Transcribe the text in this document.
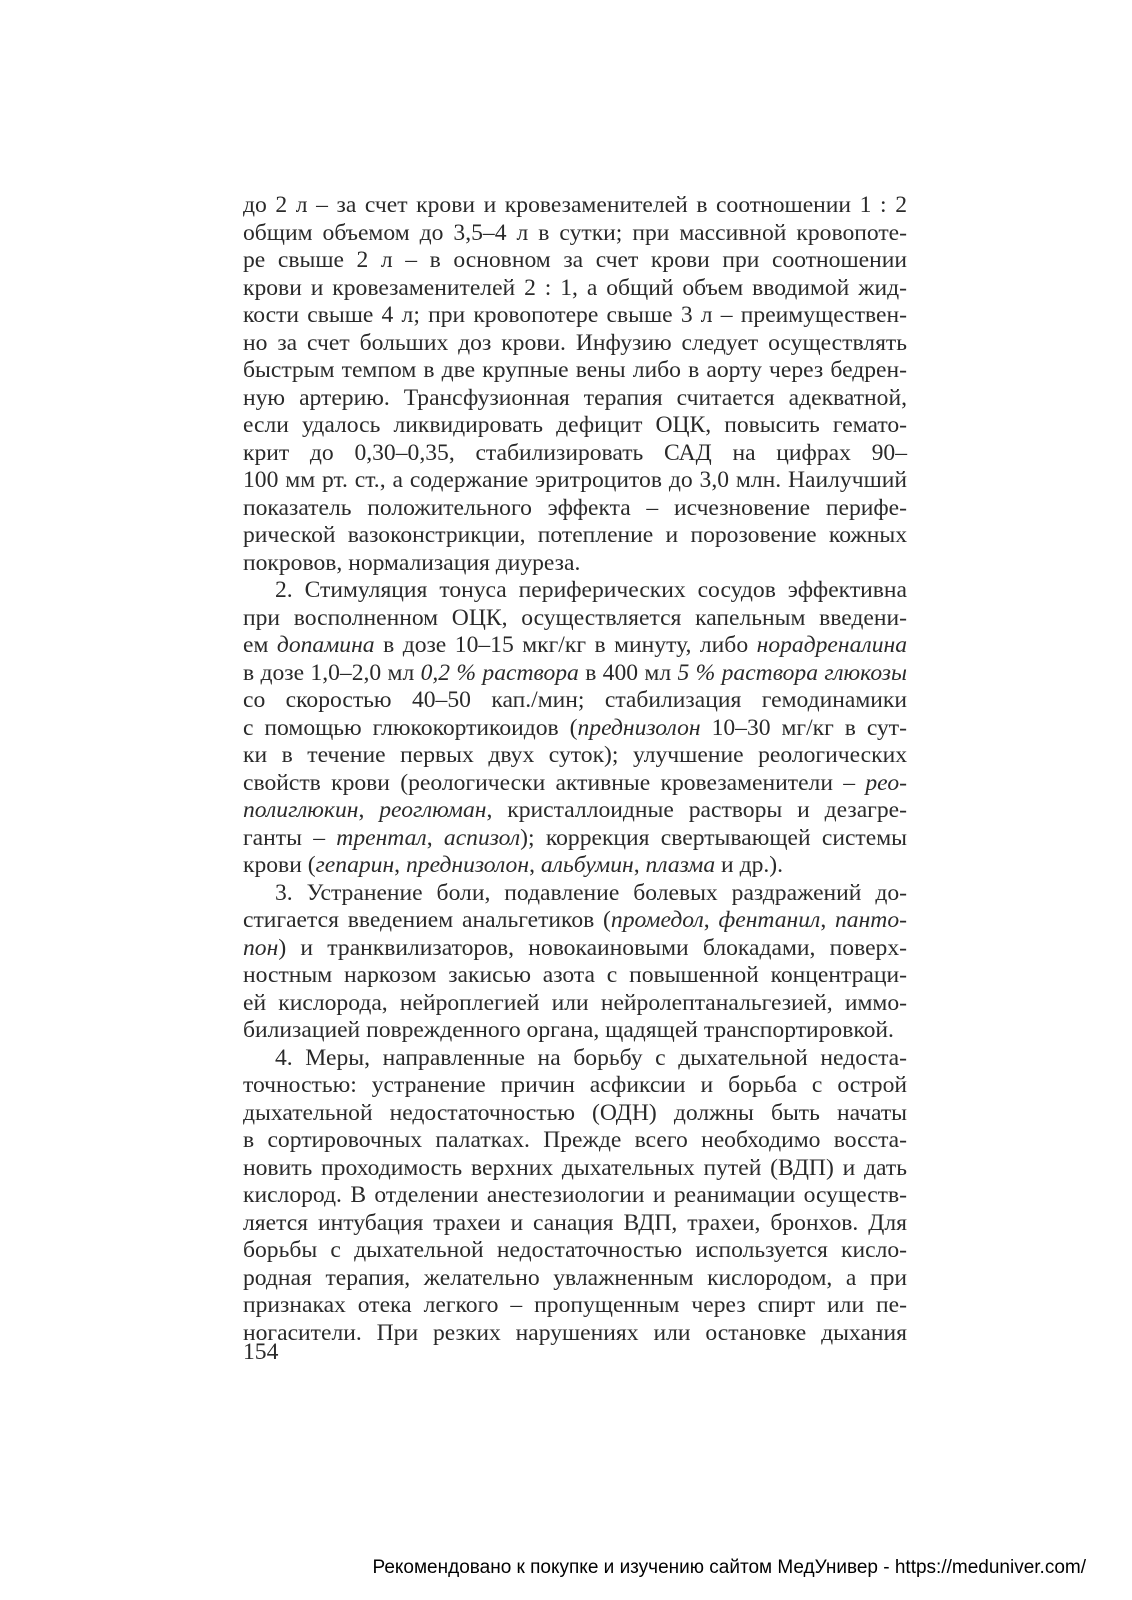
до 2 л – за счет крови и кровезаменителей в соотношении 1 : 2
общим объемом до 3,5–4 л в сутки; при массивной кровопоте-
ре свыше 2 л – в основном за счет крови при соотношении
крови и кровезаменителей 2 : 1, а общий объем вводимой жид-
кости свыше 4 л; при кровопотере свыше 3 л – преимуществен-
но за счет больших доз крови. Инфузию следует осуществлять
быстрым темпом в две крупные вены либо в аорту через бедрен-
ную артерию. Трансфузионная терапия считается адекватной,
если удалось ликвидировать дефицит ОЦК, повысить гемато-
крит до 0,30–0,35, стабилизировать САД на цифрах 90–
100 мм рт. ст., а содержание эритроцитов до 3,0 млн. Наилучший
показатель положительного эффекта – исчезновение перифе-
рической вазоконстрикции, потепление и порозовение кожных
покровов, нормализация диуреза.
2. Стимуляция тонуса периферических сосудов эффективна
при восполненном ОЦК, осуществляется капельным введени-
ем допамина в дозе 10–15 мкг/кг в минуту, либо норадреналина
в дозе 1,0–2,0 мл 0,2 % раствора в 400 мл 5 % раствора глюкозы
со скоростью 40–50 кап./мин; стабилизация гемодинамики
с помощью глюкокортикоидов (преднизолон 10–30 мг/кг в сут-
ки в течение первых двух суток); улучшение реологических
свойств крови (реологически активные кровезаменители – рео-
полиглюкин, реоглюман, кристаллоидные растворы и дезагре-
ганты – трентал, аспизол); коррекция свертывающей системы
крови (гепарин, преднизолон, альбумин, плазма и др.).
3. Устранение боли, подавление болевых раздражений до-
стигается введением анальгетиков (промедол, фентанил, панто-
пон) и транквилизаторов, новокаиновыми блокадами, поверх-
ностным наркозом закисью азота с повышенной концентраци-
ей кислорода, нейроплегией или нейролептанальгезией, иммо-
билизацией поврежденного органа, щадящей транспортировкой.
4. Меры, направленные на борьбу с дыхательной недоста-
точностью: устранение причин асфиксии и борьба с острой
дыхательной недостаточностью (ОДН) должны быть начаты
в сортировочных палатках. Прежде всего необходимо восста-
новить проходимость верхних дыхательных путей (ВДП) и дать
кислород. В отделении анестезиологии и реанимации осуществ-
ляется интубация трахеи и санация ВДП, трахеи, бронхов. Для
борьбы с дыхательной недостаточностью используется кисло-
родная терапия, желательно увлажненным кислородом, а при
признаках отека легкого – пропущенным через спирт или пе-
ногасители. При резких нарушениях или остановке дыхания
154
Рекомендовано к покупке и изучению сайтом МедУнивер - https://meduniver.com/
